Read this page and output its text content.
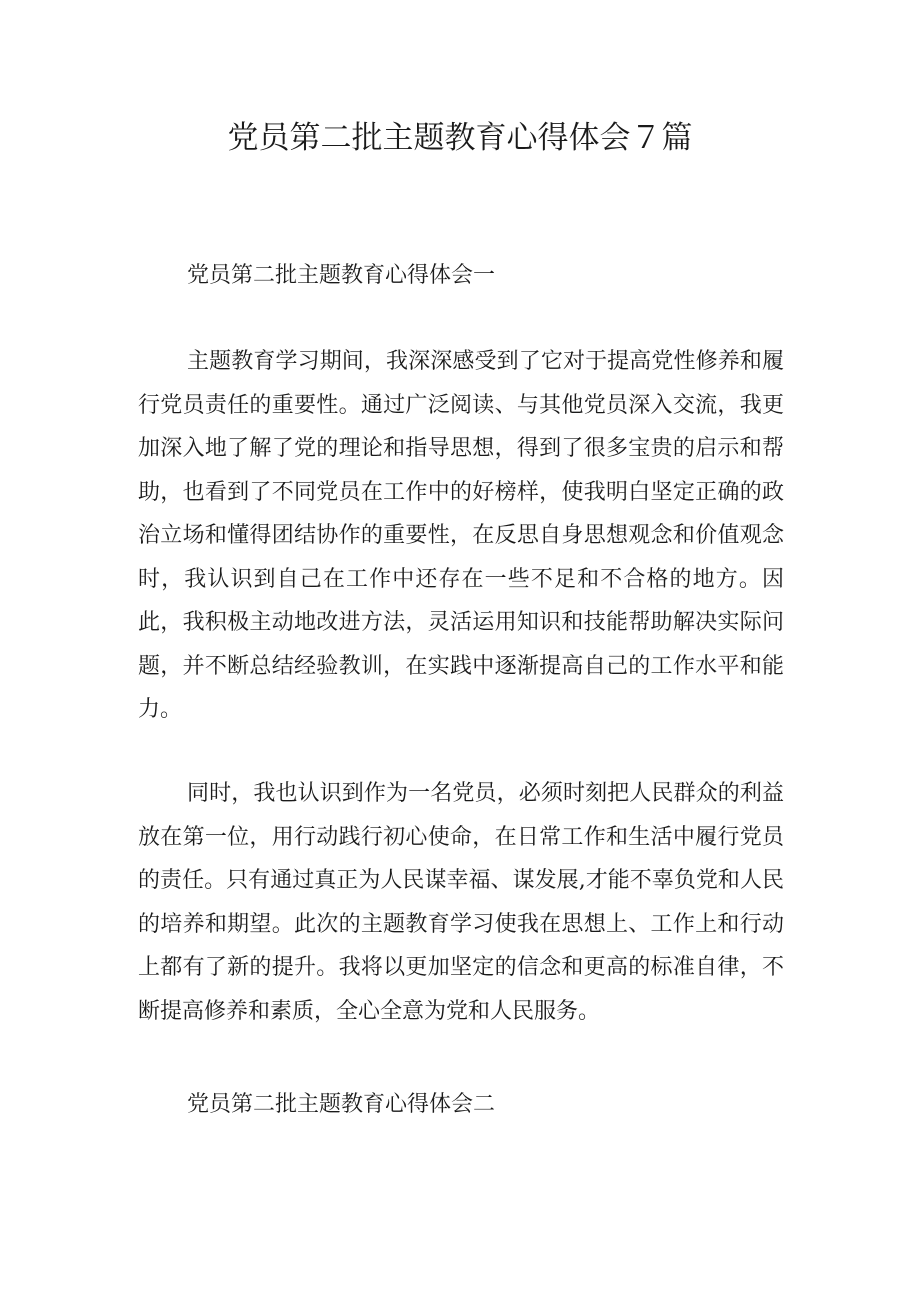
党员第二批主题教育心得体会７篇

党员第二批主题教育心得体会一

主题教育学习期间，我深深感受到了它对于提高党性修养和履行党员责任的重要性。通过广泛阅读、与其他党员深入交流，我更加深入地了解了党的理论和指导思想，得到了很多宝贵的启示和帮助，也看到了不同党员在工作中的好榜样，使我明白坚定正确的政治立场和懂得团结协作的重要性，在反思自身思想观念和价值观念时，我认识到自己在工作中还存在一些不足和不合格的地方。因此，我积极主动地改进方法，灵活运用知识和技能帮助解决实际问题，并不断总结经验教训，在实践中逐渐提高自己的工作水平和能力。

同时，我也认识到作为一名党员，必须时刻把人民群众的利益放在第一位，用行动践行初心使命，在日常工作和生活中履行党员的责任。只有通过真正为人民谋幸福、谋发展,才能不辜负党和人民的培养和期望。此次的主题教育学习使我在思想上、工作上和行动上都有了新的提升。我将以更加坚定的信念和更高的标准自律，不断提高修养和素质，全心全意为党和人民服务。

党员第二批主题教育心得体会二
